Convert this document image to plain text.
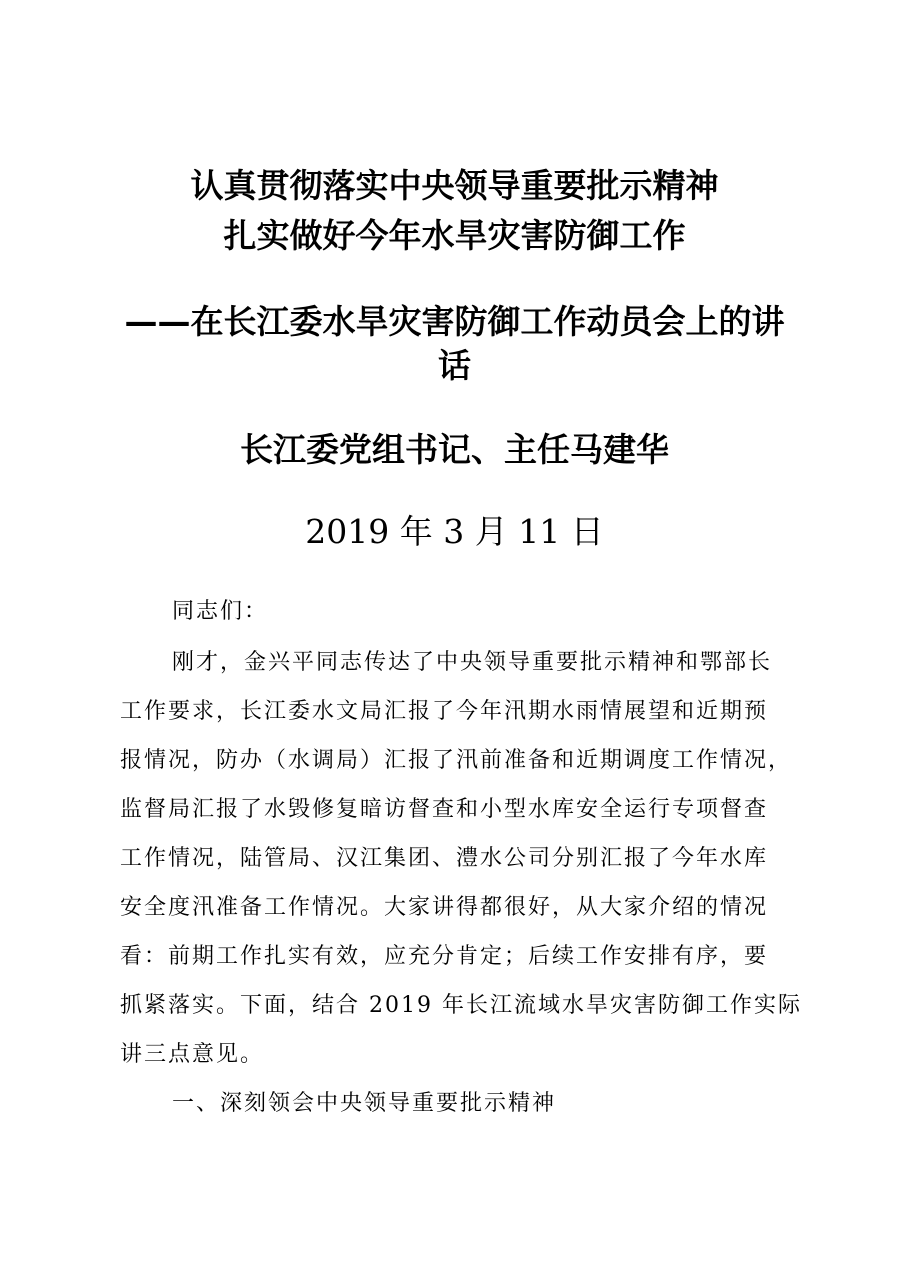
认真贯彻落实中央领导重要批示精神
扎实做好今年水旱灾害防御工作
——在长江委水旱灾害防御工作动员会上的讲
话
长江委党组书记、主任马建华
2019 年 3 月 11 日
同志们：
刚才，金兴平同志传达了中央领导重要批示精神和鄂部长
工作要求，长江委水文局汇报了今年汛期水雨情展望和近期预
报情况，防办（水调局）汇报了汛前准备和近期调度工作情况，
监督局汇报了水毁修复暗访督查和小型水库安全运行专项督查
工作情况，陆管局、汉江集团、澧水公司分别汇报了今年水库
安全度汛准备工作情况。大家讲得都很好，从大家介绍的情况
看：前期工作扎实有效，应充分肯定；后续工作安排有序，要
抓紧落实。下面，结合 2019 年长江流域水旱灾害防御工作实际
讲三点意见。
一、深刻领会中央领导重要批示精神
